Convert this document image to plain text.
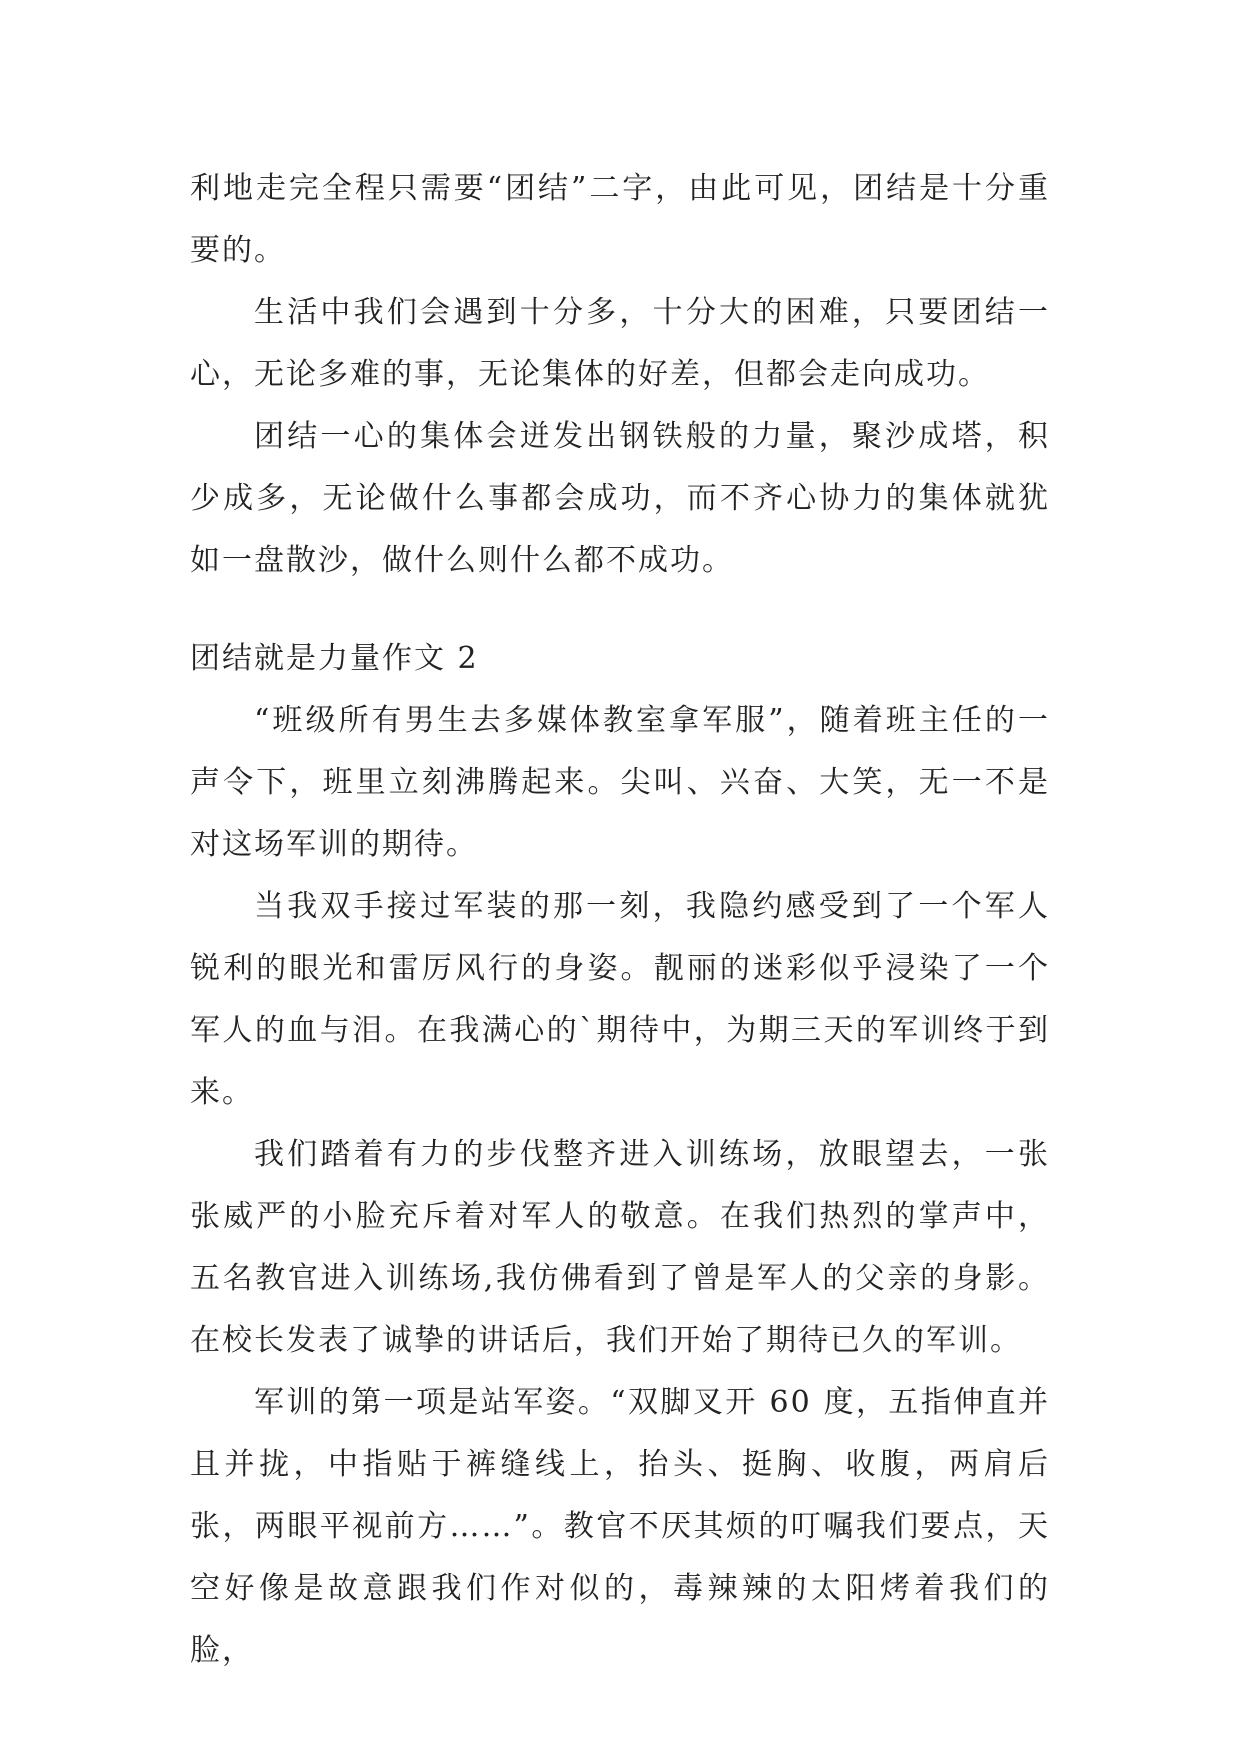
利地走完全程只需要“团结”二字，由此可见，团结是十分重要的。

生活中我们会遇到十分多，十分大的困难，只要团结一心，无论多难的事，无论集体的好差，但都会走向成功。

团结一心的集体会迸发出钢铁般的力量，聚沙成塔，积少成多，无论做什么事都会成功，而不齐心协力的集体就犹如一盘散沙，做什么则什么都不成功。

团结就是力量作文 2

“班级所有男生去多媒体教室拿军服”，随着班主任的一声令下，班里立刻沸腾起来。尖叫、兴奋、大笑，无一不是对这场军训的期待。

当我双手接过军装的那一刻，我隐约感受到了一个军人锐利的眼光和雷厉风行的身姿。靓丽的迷彩似乎浸染了一个军人的血与泪。在我满心的`期待中，为期三天的军训终于到来。

我们踏着有力的步伐整齐进入训练场，放眼望去，一张张威严的小脸充斥着对军人的敬意。在我们热烈的掌声中，五名教官进入训练场,我仿佛看到了曾是军人的父亲的身影。在校长发表了诚挚的讲话后，我们开始了期待已久的军训。

军训的第一项是站军姿。“双脚叉开 60 度，五指伸直并且并拢，中指贴于裤缝线上，抬头、挺胸、收腹，两肩后张，两眼平视前方……”。教官不厌其烦的叮嘱我们要点，天空好像是故意跟我们作对似的，毒辣辣的太阳烤着我们的脸，
